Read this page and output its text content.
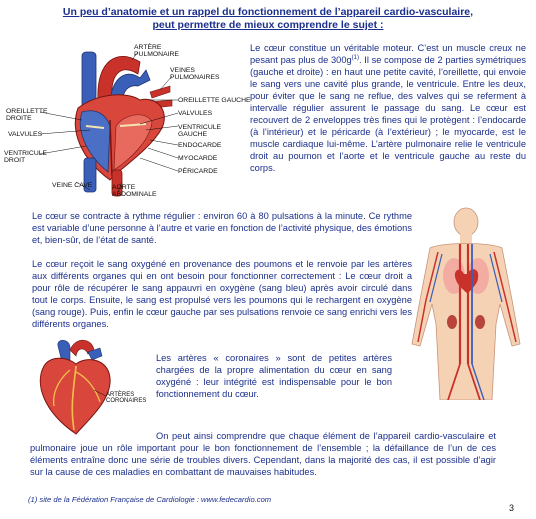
Un peu d’anatomie et un rappel du fonctionnement de l’appareil cardio-vasculaire,
peut permettre de mieux comprendre le sujet :
ARTÈRE
PULMONAIRE
VEINES
PULMONAIRES
OREILLETTE GAUCHE
OREILLETTE
DROITE
VALVULES
VALVULES
VENTRICULE
GAUCHE
ENDOCARDE
VENTRICULE
DROIT	MYOCARDE
PÉRICARDE
VEINE CAVE	AORTE
ABDOMINALE

Le cœur constitue un véritable moteur. C’est un muscle creux ne pesant pas plus de $300g^{(1)}$. Il se compose de 2 parties symétriques (gauche et droite) : en haut une petite cavité, l’oreillette, qui envoie le sang vers une cavité plus grande, le ventricule. Entre les deux, pour éviter que le sang ne reflue, des valves qui se referment à intervalle régulier assurent le passage du sang. Le cœur est recouvert de 2 enveloppes très fines qui le protègent : l’endocarde (à l’intérieur) et le péricarde (à l’extérieur) ; le myocarde, est le muscle cardiaque lui-même. L’artère pulmonaire relie le ventricule droit au poumon et l’aorte et le ventricule gauche au reste du corps.

Le cœur se contracte à rythme régulier : environ 60 à 80 pulsations à la minute. Ce rythme est variable d’une personne à l’autre et varie en fonction de l’activité physique, des émotions et, bien-sûr, de l’état de santé.

Le cœur reçoit le sang oxygéné en provenance des poumons et le renvoie par les artères aux différents organes qui en ont besoin pour fonctionner correctement : Le cœur droit a pour rôle de récupérer le sang appauvri en oxygène (sang bleu) après avoir circulé dans tout le corps. Ensuite, le sang est propulsé vers les poumons qui le rechargent en oxygène (sang rouge). Puis, enfin le cœur gauche par ses pulsations renvoie ce sang enrichi vers les différents organes.

ARTÈRES
CORONAIRES

Les artères « coronaires » sont de petites artères chargées de la propre alimentation du cœur en sang oxygéné : leur intégrité est indispensable pour le bon fonctionnement du cœur.

On peut ainsi comprendre que chaque élément de l’appareil cardio-vasculaire et pulmonaire joue un rôle important pour le bon fonctionnement de l’ensemble ; la défaillance de l’un de ces éléments entraîne donc une série de troubles divers. Cependant, dans la majorité des cas, il est possible d’agir sur la cause de ces maladies en combattant de mauvaises habitudes.

(1) site de la Fédération Française de Cardiologie : www.fedecardio.com
3
